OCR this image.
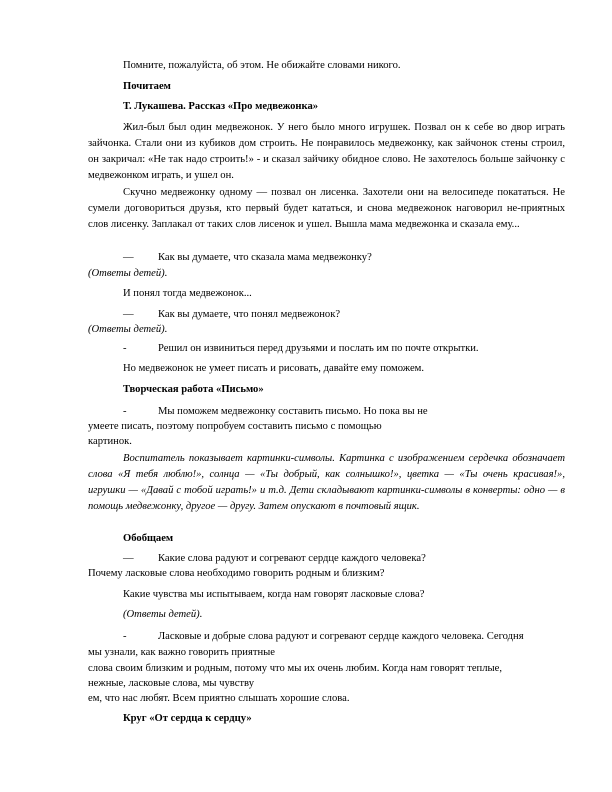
Помните, пожалуйста, об этом. Не обижайте словами никого.
Почитаем
Т. Лукашева. Рассказ «Про медвежонка»
Жил-был был один медвежонок. У него было много игрушек. Позвал он к себе во двор играть зайчонка. Стали они из кубиков дом строить. Не понравилось медвежонку, как зайчонок стены строил, он закричал: «Не так надо строить!» - и сказал зайчику обидное слово. Не захотелось больше зайчонку с медвежонком играть, и ушел он.
Скучно медвежонку одному — позвал он лисенка. Захотели они на велосипеде покататься. Не сумели договориться друзья, кто первый будет кататься, и снова медвежонок наговорил не-приятных слов лисенку. Заплакал от таких слов лисенок и ушел. Вышла мама медвежонка и сказала ему...
— Как вы думаете, что сказала мама медвежонку?
(Ответы детей).
И понял тогда медвежонок...
— Как вы думаете, что понял медвежонок?
(Ответы детей).
-	Решил он извиниться перед друзьями и послать им по почте открытки.
Но медвежонок не умеет писать и рисовать, давайте ему поможем.
Творческая работа «Письмо»
-	Мы поможем медвежонку составить письмо. Но пока вы не
умеете писать, поэтому попробуем составить письмо с помощью
картинок.
Воспитатель показывает картинки-символы. Картинка с изображением сердечка обозначает слова «Я тебя люблю!», солнца — «Ты добрый, как солнышко!», цветка — «Ты очень красивая!», игрушки — «Давай с тобой играть!» и т.д. Дети складывают картинки-символы в конверты: одно — в помощь медвежонку, другое — другу. Затем опускают в почтовый ящик.
Обобщаем
— Какие слова радуют и согревают сердце каждого человека?
Почему ласковые слова необходимо говорить родным и близким?
Какие чувства мы испытываем, когда нам говорят ласковые слова?
(Ответы детей).
-	Ласковые и добрые слова радуют и согревают сердце каждого человека. Сегодня
мы узнали, как важно говорить приятные
слова своим близким и родным, потому что мы их очень любим. Когда нам говорят теплые,
нежные, ласковые слова, мы чувству
ем, что нас любят. Всем приятно слышать хорошие слова.
Круг «От сердца к сердцу»
